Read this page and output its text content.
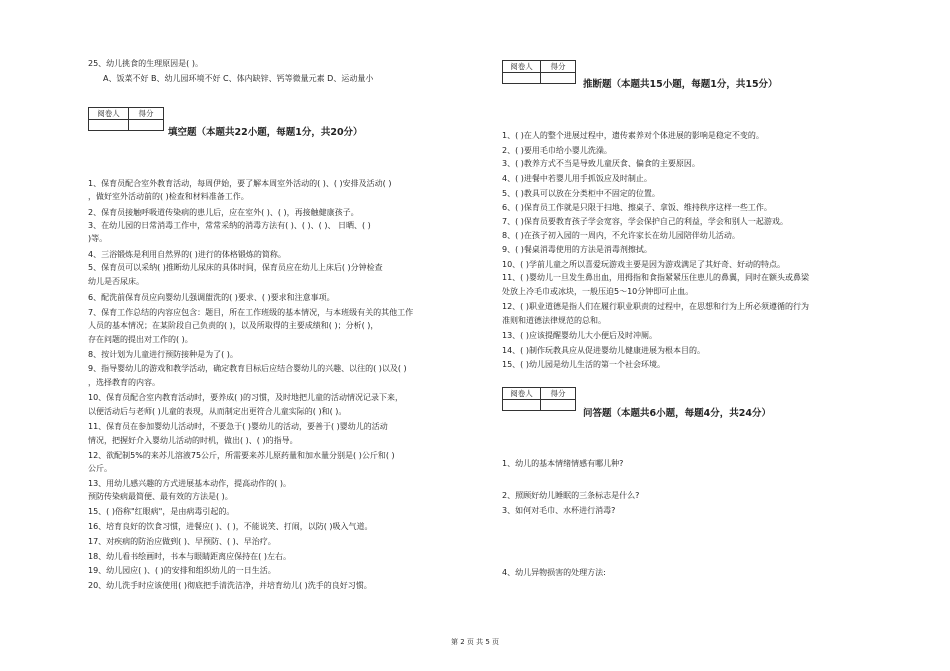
25、幼儿挑食的生理原因是( )。
A、饭菜不好 B、幼儿园环境不好 C、体内缺锌、钙等微量元素 D、运动量小
阅卷人	得分

填空题（本题共22小题，每题1分，共20分）
1、保育员配合室外教育活动，每周伊始，要了解本周室外活动的( )、( )安排及活动( )
，做好室外活动前的( )检查和材料准备工作。
2、保育员接触呼吸道传染病的患儿后，应在室外( )、( )，再接触健康孩子。
3、在幼儿园的日常消毒工作中，常常采纳的消毒方法有( )、( )、( )、 日晒、( )
)等。
4、三浴锻炼是利用自然界的( )进行的体格锻炼的简称。
5、保育员可以采纳( )推断幼儿尿床的具体时间，保育员应在幼儿上床后( )分钟检查
幼儿是否尿床。
6、配洗前保育员应向婴幼儿强调盥洗的( )要求、( )要求和注意事项。
7、保育工作总结的内容应包含：题目，所在工作班级的基本情况，与本班级有关的其他工作
人员的基本情况；在某阶段自己负责的( )，以及所取得的主要成绩和( )；分析( )，
存在问题的提出对工作的( )。
8、按计划为儿童进行预防接种是为了( )。
9、指导婴幼儿的游戏和教学活动，确定教育目标后应结合婴幼儿的兴趣、以往的( )以及( )
，选择教育的内容。
10、保育员配合室内教育活动时，要养成( )的习惯，及时地把儿童的活动情况记录下来，
以便活动后与老师( )儿童的表现，从而制定出更符合儿童实际的( )和( )。
11、保育员在参加婴幼儿活动时，不要急于( )婴幼儿的活动，要善于( )婴幼儿的活动
情况，把握好介入婴幼儿活动的时机，做出( )、( )的指导。
12、欲配制5%的来苏儿溶液75公斤，所需要来苏儿原药量和加水量分别是( )公斤和( )
公斤。
13、用幼儿感兴趣的方式进展基本动作，提高动作的( )。
预防传染病最简便、最有效的方法是( )。
15、( )俗称"红眼病"，是由病毒引起的。
16、培育良好的饮食习惯，进餐应( )、( )，不能说笑、打闹，以防( )吸入气道。
17、对疾病的防治应做到( )、早预防、( )、早治疗。
18、幼儿看书绘画时，书本与眼睛距离应保持在( )左右。
19、幼儿园应( )、( )的安排和组织幼儿的一日生活。
20、幼儿洗手时应该使用( )彻底把手清洗洁净，并培育幼儿( )洗手的良好习惯。
阅卷人	得分

推断题（本题共15小题，每题1分，共15分）
1、( )在人的整个进展过程中，遗传素养对个体进展的影响是稳定不变的。
2、( )要用毛巾给小婴儿洗澡。
3、( )教养方式不当是导致儿童厌食、偏食的主要原因。
4、( )进餐中若婴儿用手抓饭应及时制止。
5、( )教具可以放在分类柜中不固定的位置。
6、( )保育员工作就是只限于扫地、擦桌子、拿饭、维持秩序这样一些工作。
7、( )保育员要教育孩子学会宽容，学会保护自己的利益，学会和别人一起游戏。
8、( )在孩子初入园的一周内，不允许家长在幼儿园陪伴幼儿活动。
9、( )餐桌消毒使用的方法是消毒剂擦拭。
10、( )学前儿童之所以喜爱玩游戏主要是因为游戏满足了其好奇、好动的特点。
11、( )婴幼儿一旦发生鼻出血，用拇指和食指紧紧压住患儿的鼻翼，同时在额头或鼻梁
处放上冷毛巾或冰块，一般压迫5～10分钟即可止血。
12、( )职业道德是指人们在履行职业职责的过程中，在思想和行为上所必须遵循的行为
准则和道德法律规范的总和。
13、( )应该提醒婴幼儿大小便后及时冲厕。
14、( )制作玩教具应从促进婴幼儿健康进展为根本目的。
15、( )幼儿园是幼儿生活的第一个社会环境。
阅卷人	得分

问答题（本题共6小题，每题4分，共24分）
1、幼儿的基本情绪情感有哪儿种?
2、照顾好幼儿睡眠的三条标志是什么?
3、如何对毛巾、水杯进行消毒?
4、幼儿异物损害的处理方法:
第 2 页 共 5 页
